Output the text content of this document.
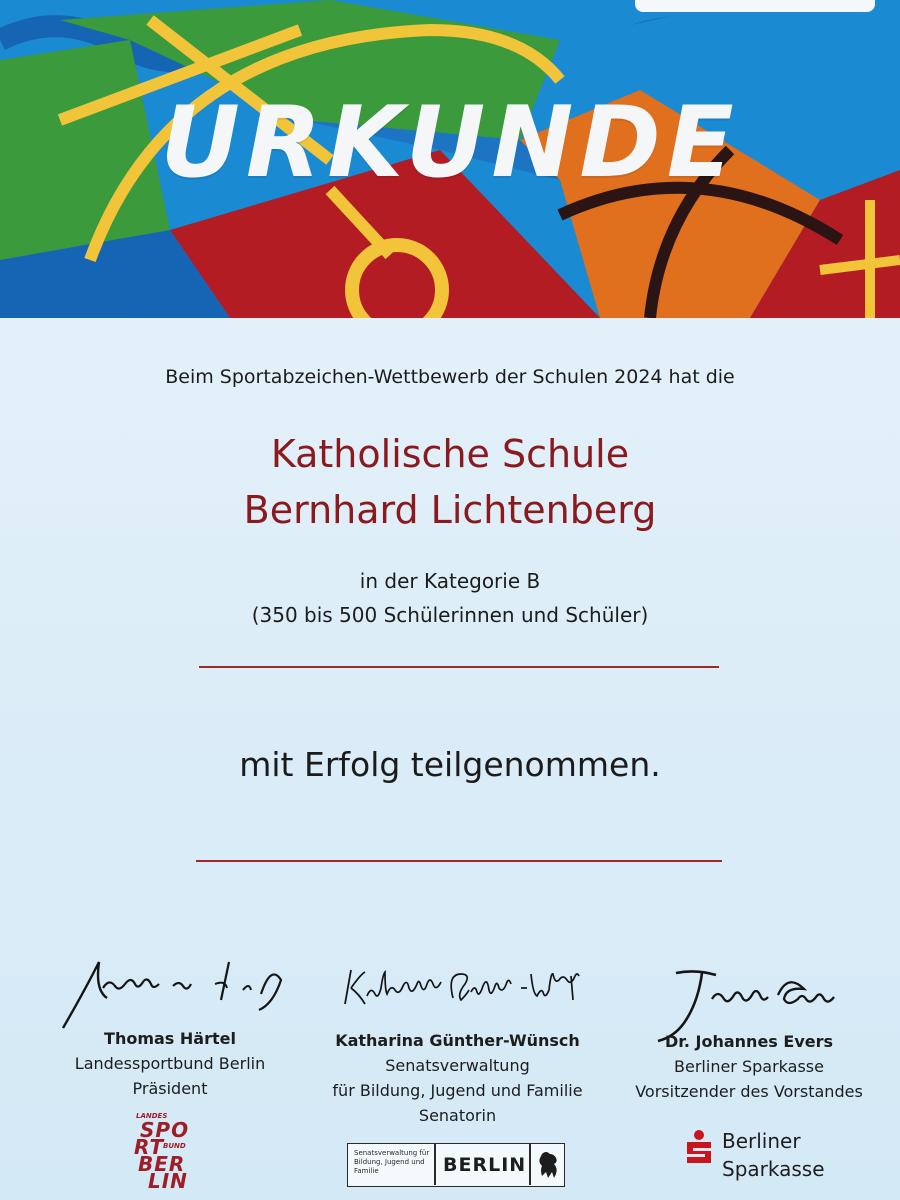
URKUNDE
Beim Sportabzeichen-Wettbewerb der Schulen 2024 hat die
Katholische Schule
Bernhard Lichtenberg
in der Kategorie B
(350 bis 500 Schülerinnen und Schüler)
mit Erfolg teilgenommen.
Thomas Härtel
Landessportbund Berlin
Präsident
Katharina Günther-Wünsch
Senatsverwaltung
für Bildung, Jugend und Familie
Senatorin
Dr. Johannes Evers
Berliner Sparkasse
Vorsitzender des Vorstandes
LANDES
SPO
RT
BUND
BER
LIN
Senatsverwaltung für Bildung, Jugend und Familie	BERLIN
Berliner
Sparkasse
